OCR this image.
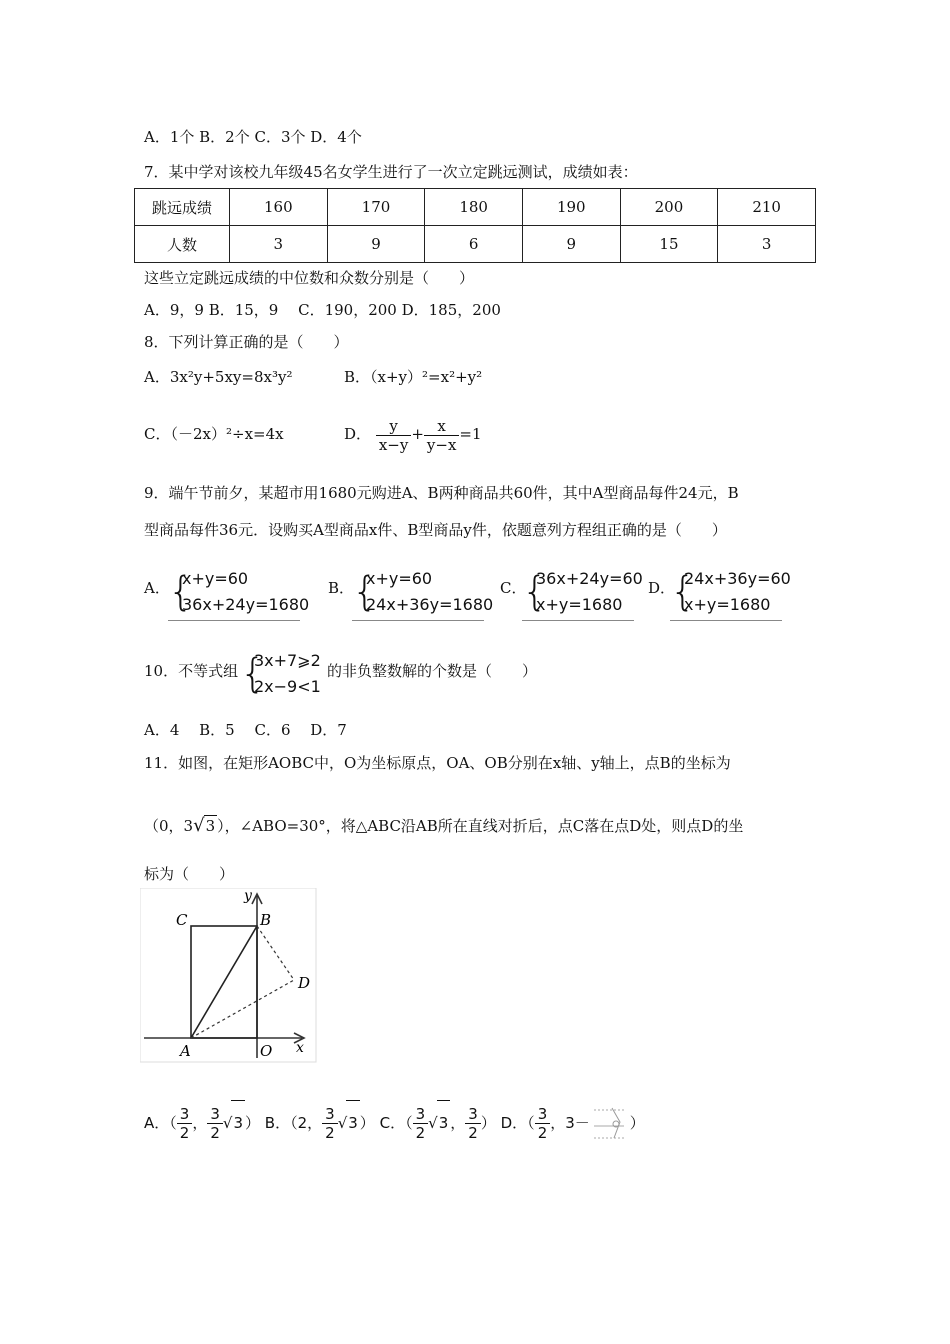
A．1个 B．2个 C．3个 D．4个
7．某中学对该校九年级45名女学生进行了一次立定跳远测试，成绩如表：
跳远成绩	160	170	180	190	200	210
人数	3	9	6	9	15	3
这些立定跳远成绩的中位数和众数分别是（　　）
A．9，9 B．15，9　 C．190，200 D．185，200
8．下列计算正确的是（　　）
A．3x²y+5xy=8x³y²	B．（x+y）²=x²+y²
C．（－2x）²÷x=4x	D． $\frac{y}{x-y} + \frac{x}{y-x} =1$
9．端午节前夕，某超市用1680元购进A、B两种商品共60件，其中A型商品每件24元，B
型商品每件36元．设购买A型商品x件、B型商品y件，依题意列方程组正确的是（　　）
A．
{
x+y=60
36x+24y=1680
B．
{
x+y=60
24x+36y=1680
C．
{
36x+24y=60
x+y=1680
D．
{
24x+36y=60
x+y=1680
10．不等式组 {
3x+7⩾2
2x−9<1
的非负整数解的个数是（　　）
A．4　 B．5　 C．6　 D．7
11．如图，在矩形AOBC中，O为坐标原点，OA、OB分别在x轴、y轴上，点B的坐标为
（0，3√3 ），∠ABO=30°，将△ABC沿AB所在直线对折后，点C落在点D处，则点D的坐
标为（　　）
C	B
D
A	O x
y
A．（ $\frac{3}{2}$ ， $\frac{3}{2} √3$ ） B．（2， $\frac{3}{2} √3$ ） C．（ $\frac{3}{2} √3$ ， $\frac{3}{2}$ ） D．（ $\frac{3}{2}$ ，3－	）
